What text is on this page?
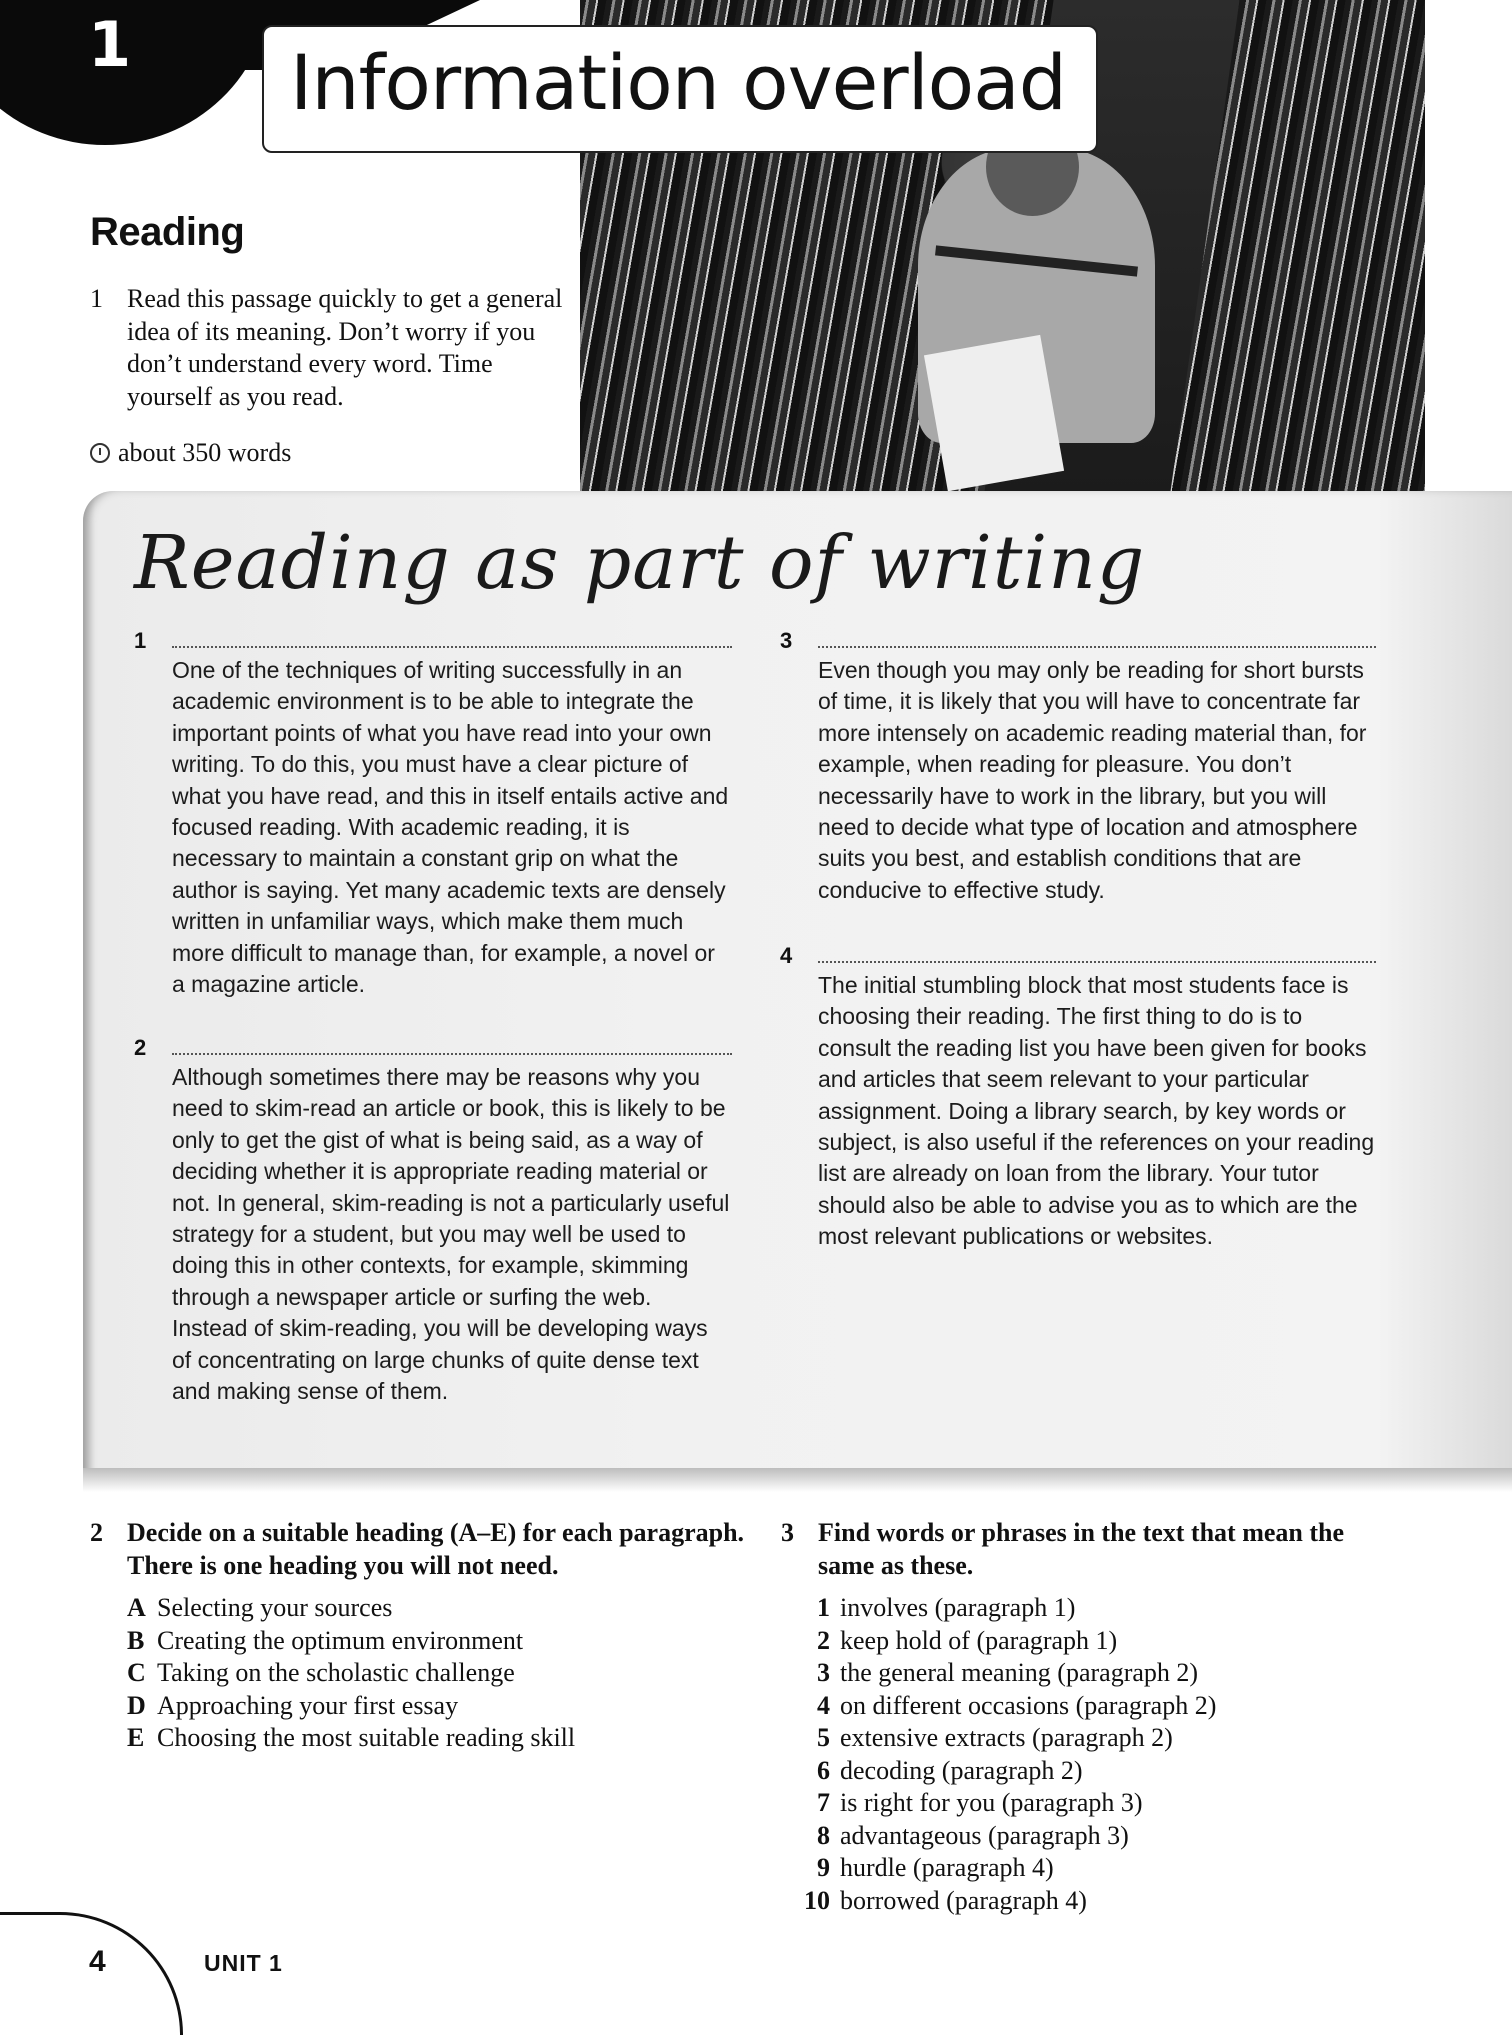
1 Information overload
Reading
1 Read this passage quickly to get a general idea of its meaning. Don’t worry if you don’t understand every word. Time yourself as you read.
about 350 words
Reading as part of writing
1
One of the techniques of writing successfully in an academic environment is to be able to integrate the important points of what you have read into your own writing. To do this, you must have a clear picture of what you have read, and this in itself entails active and focused reading. With academic reading, it is necessary to maintain a constant grip on what the author is saying. Yet many academic texts are densely written in unfamiliar ways, which make them much more difficult to manage than, for example, a novel or a magazine article.
2
Although sometimes there may be reasons why you need to skim-read an article or book, this is likely to be only to get the gist of what is being said, as a way of deciding whether it is appropriate reading material or not. In general, skim-reading is not a particularly useful strategy for a student, but you may well be used to doing this in other contexts, for example, skimming through a newspaper article or surfing the web. Instead of skim-reading, you will be developing ways of concentrating on large chunks of quite dense text and making sense of them.
3
Even though you may only be reading for short bursts of time, it is likely that you will have to concentrate far more intensely on academic reading material than, for example, when reading for pleasure. You don’t necessarily have to work in the library, but you will need to decide what type of location and atmosphere suits you best, and establish conditions that are conducive to effective study.
4
The initial stumbling block that most students face is choosing their reading. The first thing to do is to consult the reading list you have been given for books and articles that seem relevant to your particular assignment. Doing a library search, by key words or subject, is also useful if the references on your reading list are already on loan from the library. Your tutor should also be able to advise you as to which are the most relevant publications or websites.
2 Decide on a suitable heading (A–E) for each paragraph. There is one heading you will not need.
A Selecting your sources
B Creating the optimum environment
C Taking on the scholastic challenge
D Approaching your first essay
E Choosing the most suitable reading skill
3 Find words or phrases in the text that mean the same as these.
1 involves (paragraph 1)
2 keep hold of (paragraph 1)
3 the general meaning (paragraph 2)
4 on different occasions (paragraph 2)
5 extensive extracts (paragraph 2)
6 decoding (paragraph 2)
7 is right for you (paragraph 3)
8 advantageous (paragraph 3)
9 hurdle (paragraph 4)
10 borrowed (paragraph 4)
4	UNIT 1
